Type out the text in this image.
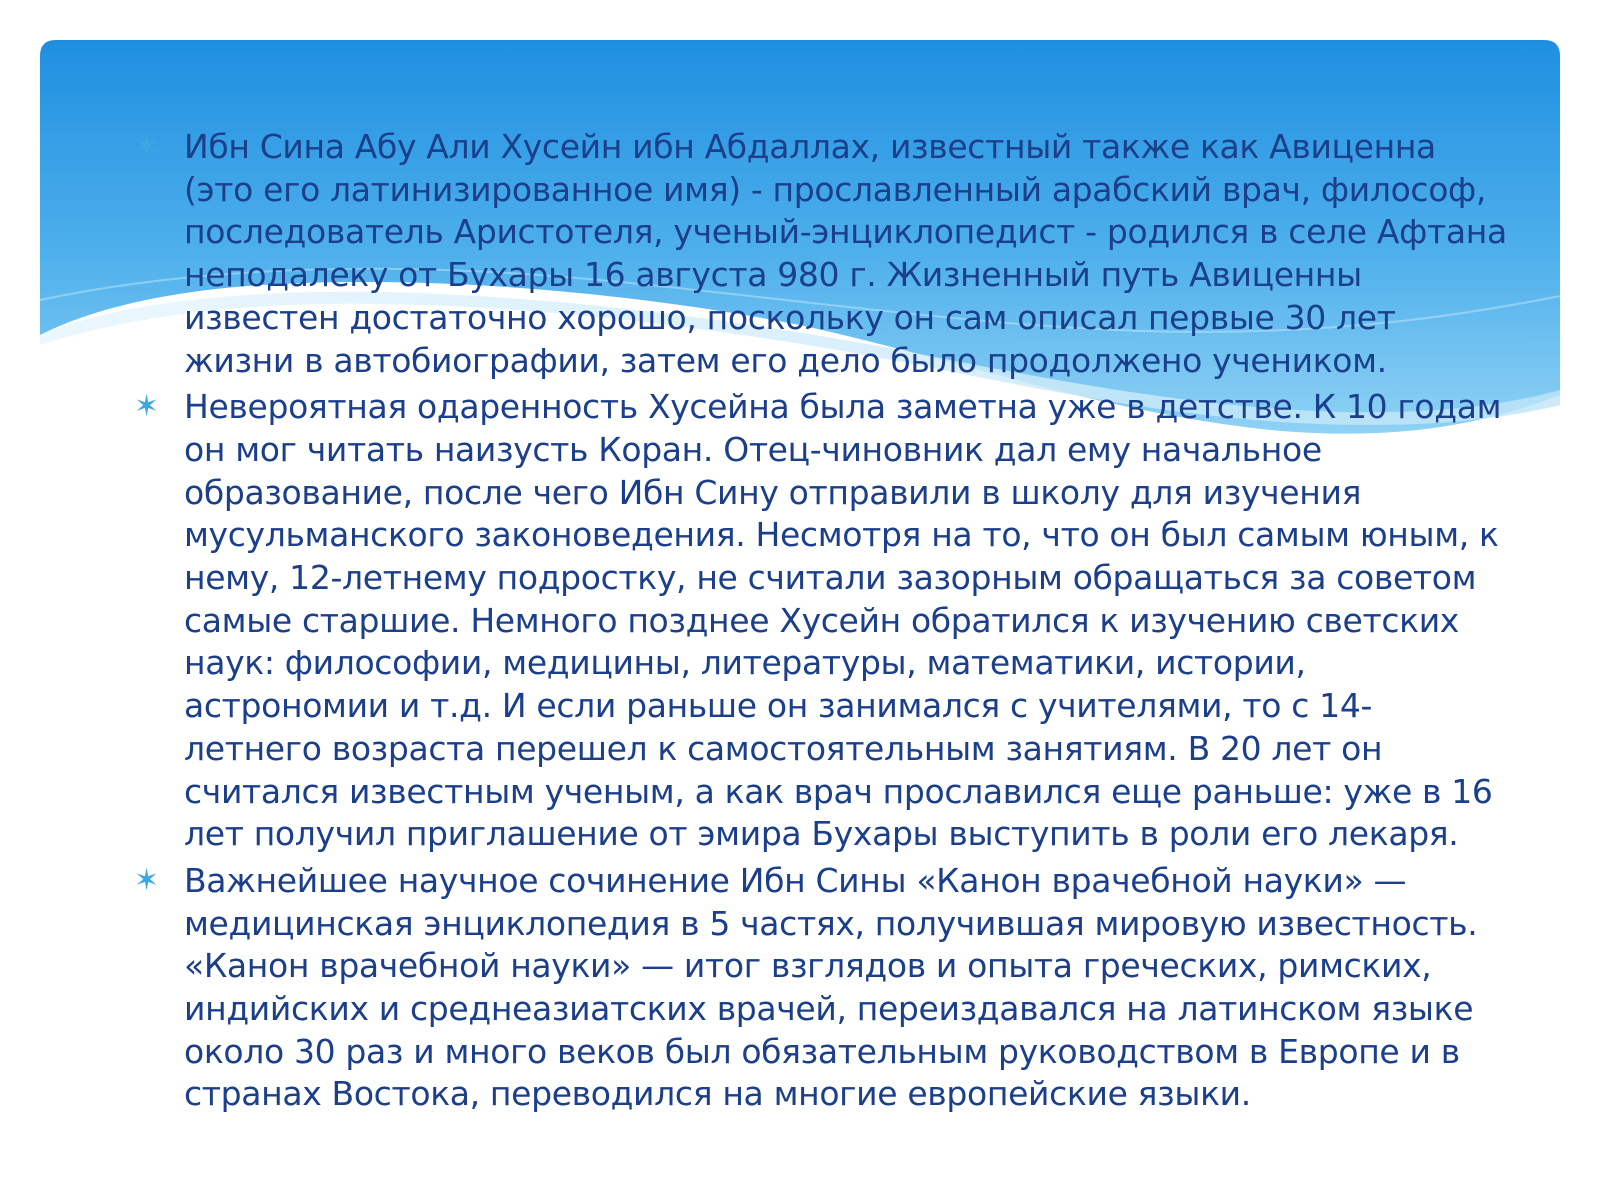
✶ Ибн Сина Абу Али Хусейн ибн Абдаллах, известный также как Авиценна (это его латинизированное имя) - прославленный арабский врач, философ, последователь Аристотеля, ученый-энциклопедист - родился в селе Афтана неподалеку от Бухары 16 августа 980 г. Жизненный путь Авиценны известен достаточно хорошо, поскольку он сам описал первые 30 лет жизни в автобиографии, затем его дело было продолжено учеником.
✶ Невероятная одаренность Хусейна была заметна уже в детстве. К 10 годам он мог читать наизусть Коран. Отец-чиновник дал ему начальное образование, после чего Ибн Сину отправили в школу для изучения мусульманского законоведения. Несмотря на то, что он был самым юным, к нему, 12-летнему подростку, не считали зазорным обращаться за советом самые старшие. Немного позднее Хусейн обратился к изучению светских наук: философии, медицины, литературы, математики, истории, астрономии и т.д. И если раньше он занимался с учителями, то с 14-летнего возраста перешел к самостоятельным занятиям. В 20 лет он считался известным ученым, а как врач прославился еще раньше: уже в 16 лет получил приглашение от эмира Бухары выступить в роли его лекаря.
✶ Важнейшее научное сочинение Ибн Сины «Канон врачебной науки» — медицинская энциклопедия в 5 частях, получившая мировую известность. «Канон врачебной науки» — итог взглядов и опыта греческих, римских, индийских и среднеазиатских врачей, переиздавался на латинском языке около 30 раз и много веков был обязательным руководством в Европе и в странах Востока, переводился на многие европейские языки.
